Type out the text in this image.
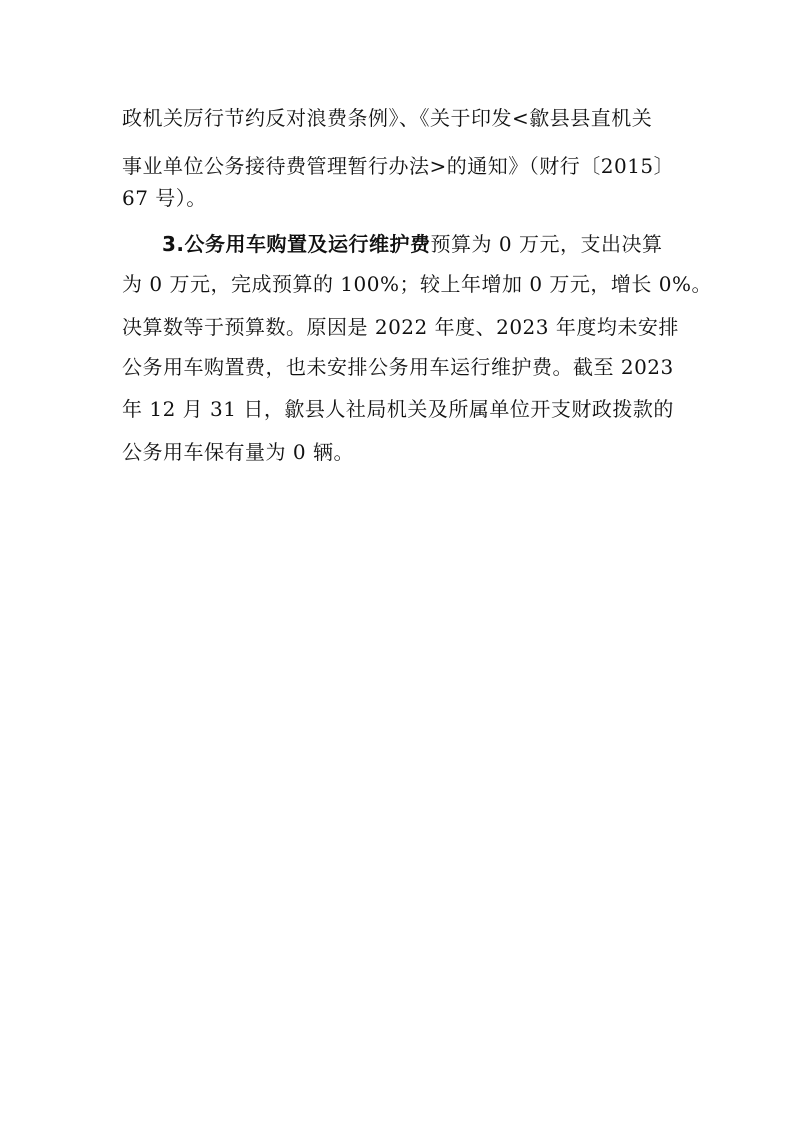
政机关厉行节约反对浪费条例》、《关于印发<歙县县直机关
事业单位公务接待费管理暂行办法>的通知》（财行〔2015〕
67 号）。
3.公务用车购置及运行维护费预算为 0 万元，支出决算
为 0 万元，完成预算的 100%；较上年增加 0 万元，增长 0%。
决算数等于预算数。原因是 2022 年度、2023 年度均未安排
公务用车购置费，也未安排公务用车运行维护费。截至 2023
年 12 月 31 日，歙县人社局机关及所属单位开支财政拨款的
公务用车保有量为 0 辆。
